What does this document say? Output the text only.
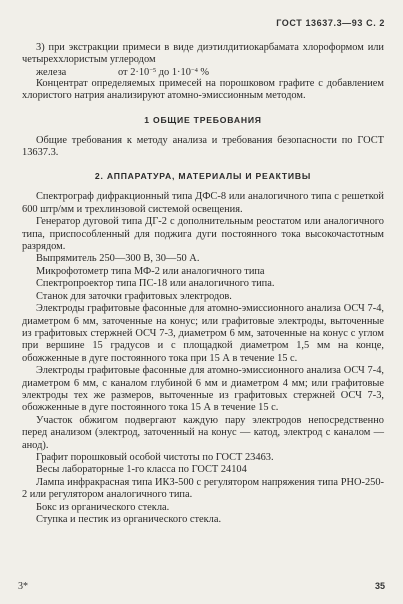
ГОСТ 13637.3—93 С. 2

3) при экстракции примеси в виде диэтилдитиокарбамата хлороформом или четыреххлористым углеродом

железа	от $2\cdot 10^{-5}$ до $1\cdot 10^{-4}$ %

Концентрат определяемых примесей на порошковом графите с добавлением хлористого натрия анализируют атомно-эмиссионным методом.

1 ОБЩИЕ ТРЕБОВАНИЯ

Общие требования к методу анализа и требования безопасности по ГОСТ 13637.3.

2. АППАРАТУРА, МАТЕРИАЛЫ И РЕАКТИВЫ

Спектрограф дифракционный типа ДФС-8 или аналогичного типа с решеткой 600 штр/мм и трехлинзовой системой освещения.

Генератор дуговой типа ДГ-2 с дополнительным реостатом или аналогичного типа, приспособленный для поджига дуги постоянного тока высокочастотным разрядом.

Выпрямитель 250—300 В, 30—50 А.

Микрофотометр типа МФ-2 или аналогичного типа

Спектропроектор типа ПС-18 или аналогичного типа.

Станок для заточки графитовых электродов.

Электроды графитовые фасонные для атомно-эмиссионного анализа ОСЧ 7-4, диаметром 6 мм, заточенные на конус; или графитовые электроды, выточенные из графитовых стержней ОСЧ 7-3, диаметром 6 мм, заточенные на конус с углом при вершине 15 градусов и с площадкой диаметром 1,5 мм на конце, обожженные в дуге постоянного тока при 15 А в течение 15 с.

Электроды графитовые фасонные для атомно-эмиссионного анализа ОСЧ 7-4, диаметром 6 мм, с каналом глубиной 6 мм и диаметром 4 мм; или графитовые электроды тех же размеров, выточенные из графитовых стержней ОСЧ 7-3, обожженные в дуге постоянного тока 15 А в течение 15 с.

Участок обжигом подвергают каждую пару электродов непосредственно перед анализом (электрод, заточенный на конус — катод, электрод с каналом — анод).

Графит порошковый особой чистоты по ГОСТ 23463.

Весы лабораторные 1-го класса по ГОСТ 24104

Лампа инфракрасная типа ИКЗ-500 с регулятором напряжения типа РНО-250-2 или регулятором аналогичного типа.

Бокс из органического стекла.

Ступка и пестик из органического стекла.

3*	35
